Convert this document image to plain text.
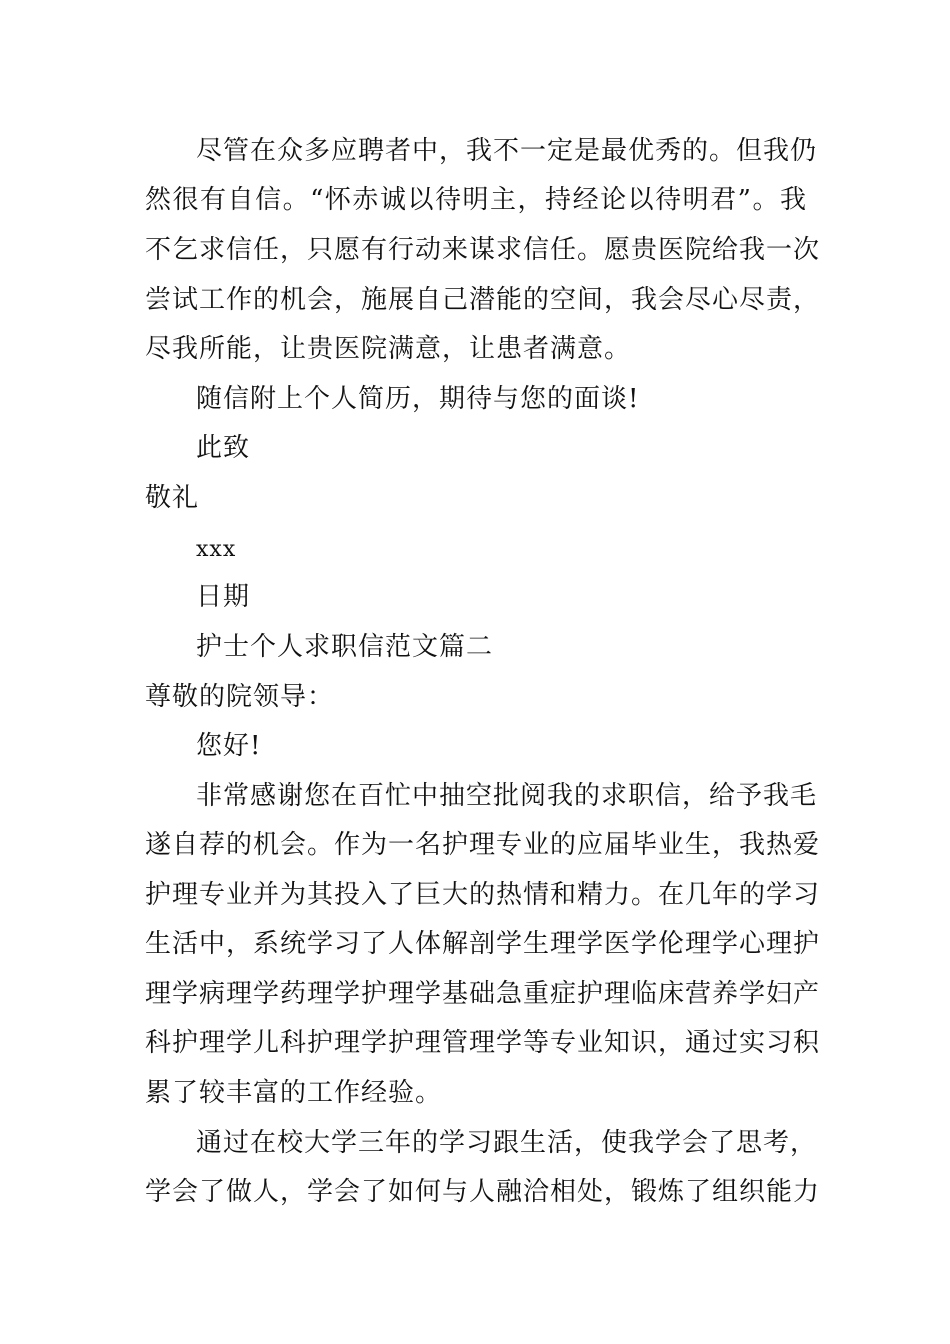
尽管在众多应聘者中，我不一定是最优秀的。但我仍
然很有自信。“怀赤诚以待明主，持经论以待明君”。我
不乞求信任，只愿有行动来谋求信任。愿贵医院给我一次
尝试工作的机会，施展自己潜能的空间，我会尽心尽责，
尽我所能，让贵医院满意，让患者满意。
随信附上个人简历，期待与您的面谈!
此致
敬礼
xxx
日期
护士个人求职信范文篇二
尊敬的院领导：
您好!
非常感谢您在百忙中抽空批阅我的求职信，给予我毛
遂自荐的机会。作为一名护理专业的应届毕业生，我热爱
护理专业并为其投入了巨大的热情和精力。在几年的学习
生活中，系统学习了人体解剖学生理学医学伦理学心理护
理学病理学药理学护理学基础急重症护理临床营养学妇产
科护理学儿科护理学护理管理学等专业知识，通过实习积
累了较丰富的工作经验。
通过在校大学三年的学习跟生活，使我学会了思考，
学会了做人，学会了如何与人融洽相处，锻炼了组织能力
